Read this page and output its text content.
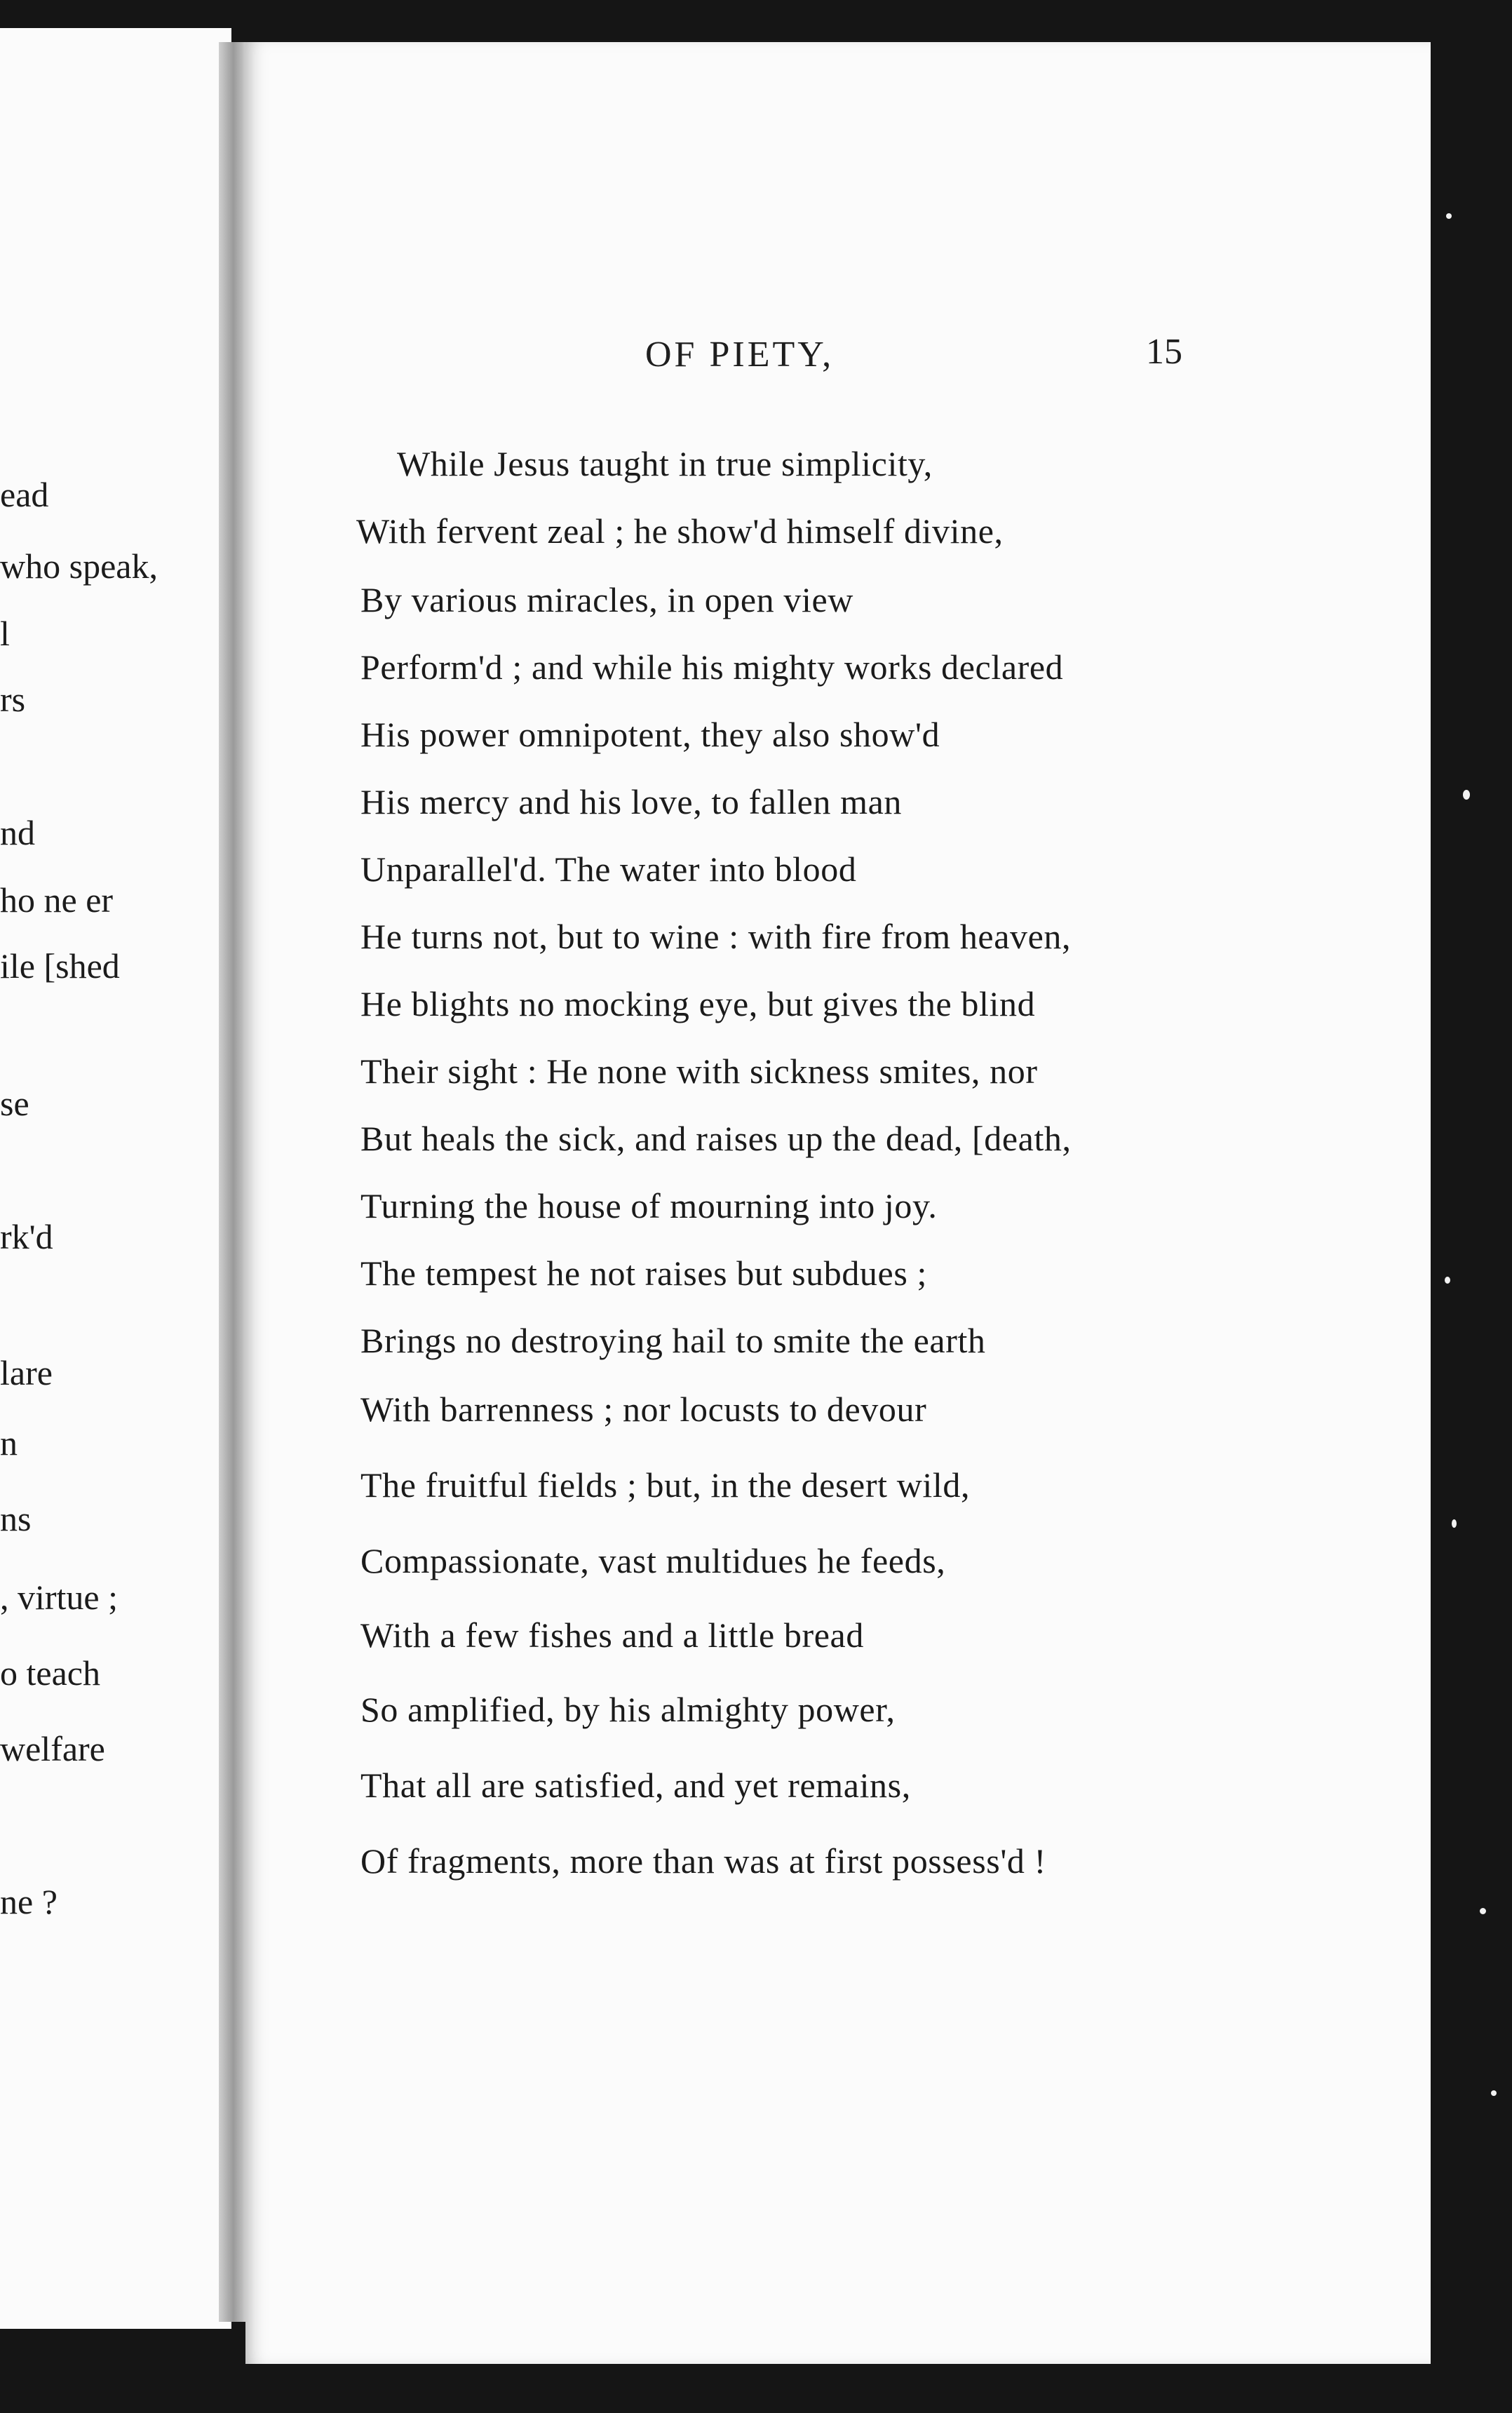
ead
who speak,
l
rs
nd
ho ne er
ile [shed
se
rk'd
lare
n
ns
, virtue ;
o teach
welfare
ne ?
OF PIETY,	15
While Jesus taught in true simplicity,
With fervent zeal ; he show'd himself divine,
By various miracles, in open view
Perform'd ; and while his mighty works declared
His power omnipotent, they also show'd
His mercy and his love, to fallen man
Unparallel'd. The water into blood
He turns not, but to wine : with fire from heaven,
He blights no mocking eye, but gives the blind
Their sight : He none with sickness smites, nor
But heals the sick, and raises up the dead, [death,
Turning the house of mourning into joy.
The tempest he not raises but subdues ;
Brings no destroying hail to smite the earth
With barrenness ; nor locusts to devour
The fruitful fields ; but, in the desert wild,
Compassionate, vast multidues he feeds,
With a few fishes and a little bread
So amplified, by his almighty power,
That all are satisfied, and yet remains,
Of fragments, more than was at first possess'd !
